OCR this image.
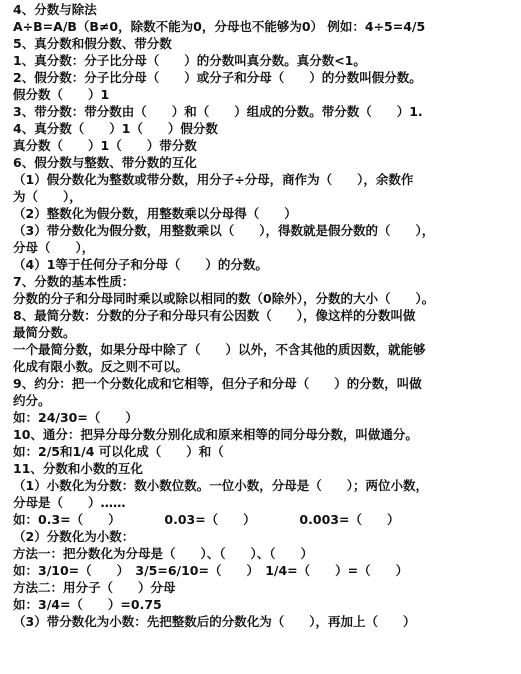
4、分数与除法
A÷B=A/B（B≠0，除数不能为0，分母也不能够为0） 例如：4÷5=4/5
5、真分数和假分数、带分数
1、真分数：分子比分母（　　）的分数叫真分数。真分数<1。
2、假分数：分子比分母（　　）或分子和分母（　　）的分数叫假分数。
假分数（　　）1
3、带分数：带分数由（　　）和（　　）组成的分数。带分数（　　）1.
4、真分数（　　）1（　　）假分数
真分数（　　）1（　　）带分数
6、假分数与整数、带分数的互化
（1）假分数化为整数或带分数，用分子÷分母，商作为（　　），余数作
为（　　），
（2）整数化为假分数，用整数乘以分母得（　　）
（3）带分数化为假分数，用整数乘以（　　），得数就是假分数的（　　），
分母（　　），
（4）1等于任何分子和分母（　　）的分数。
7、分数的基本性质：
分数的分子和分母同时乘以或除以相同的数（0除外），分数的大小（　　）。
8、最简分数：分数的分子和分母只有公因数（　　），像这样的分数叫做
最简分数。
一个最简分数，如果分母中除了（　　）以外，不含其他的质因数，就能够
化成有限小数。反之则不可以。
9、约分：把一个分数化成和它相等，但分子和分母（　　）的分数，叫做
约分。
如：24/30=（　　）
10、通分：把异分母分数分别化成和原来相等的同分母分数，叫做通分。
如：2/5和1/4 可以化成（　　）和（
11、分数和小数的互化
（1）小数化为分数：数小数位数。一位小数，分母是（　　）；两位小数，
分母是（　　）……
如：0.3=（　　）　　　　0.03=（　　）　　　　0.003=（　　）
（2）分数化为小数：
方法一：把分数化为分母是（　　）、（　　）、（　　）
如：3/10=（　　）　3/5=6/10=（　　）　1/4=（　　）=（　　）
方法二：用分子（　　）分母
如：3/4=（　　）=0.75
（3）带分数化为小数：先把整数后的分数化为（　　），再加上（　　）
